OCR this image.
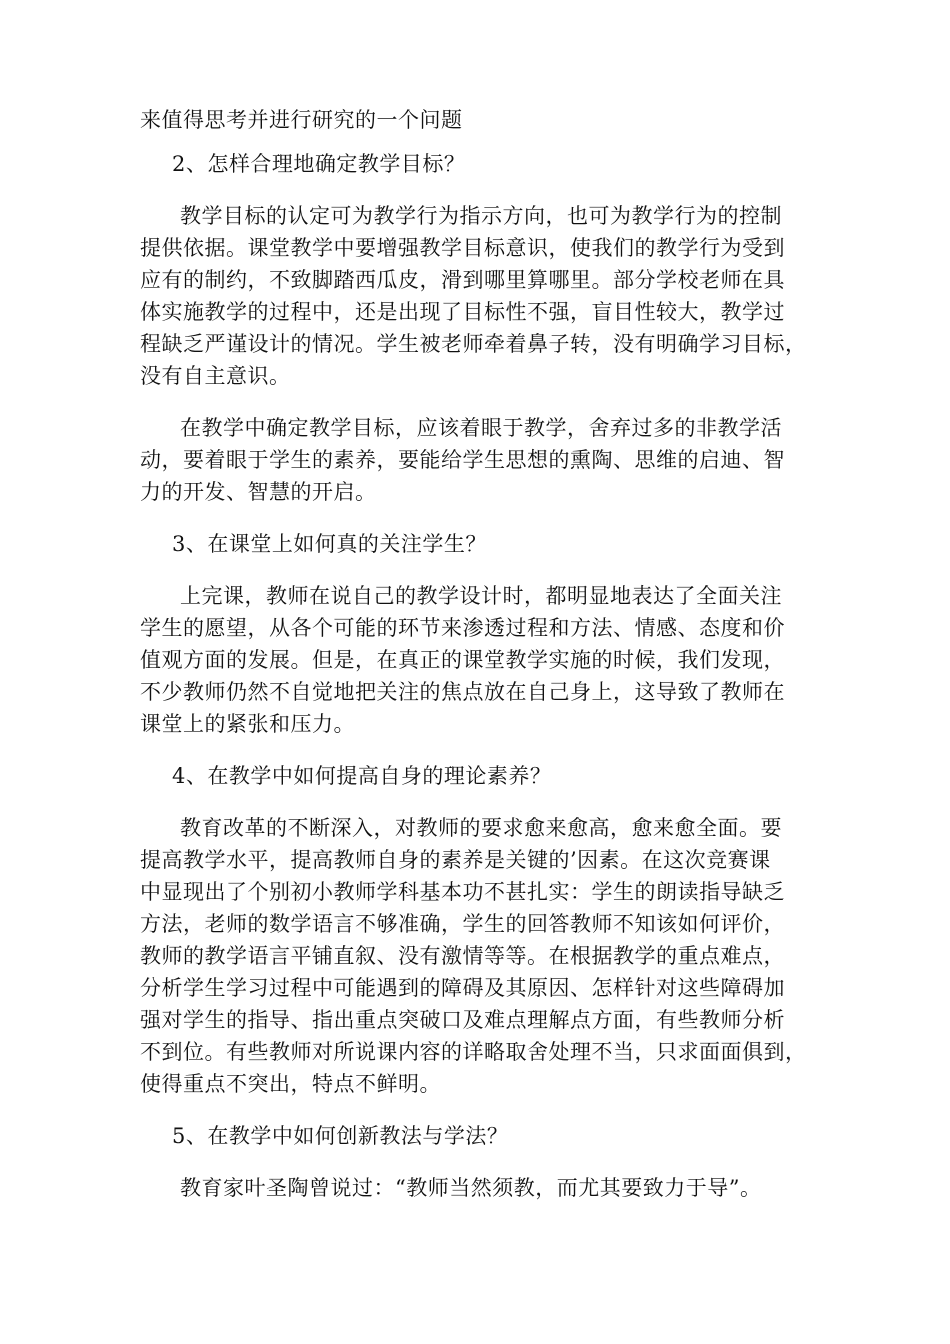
来值得思考并进行研究的一个问题

2、怎样合理地确定教学目标？

教学目标的认定可为教学行为指示方向，也可为教学行为的控制
提供依据。课堂教学中要增强教学目标意识，使我们的教学行为受到
应有的制约，不致脚踏西瓜皮，滑到哪里算哪里。部分学校老师在具
体实施教学的过程中，还是出现了目标性不强，盲目性较大，教学过
程缺乏严谨设计的情况。学生被老师牵着鼻子转，没有明确学习目标，
没有自主意识。

在教学中确定教学目标，应该着眼于教学，舍弃过多的非教学活
动，要着眼于学生的素养，要能给学生思想的熏陶、思维的启迪、智
力的开发、智慧的开启。

3、在课堂上如何真的关注学生？

上完课，教师在说自己的教学设计时，都明显地表达了全面关注
学生的愿望，从各个可能的环节来渗透过程和方法、情感、态度和价
值观方面的发展。但是，在真正的课堂教学实施的时候，我们发现，
不少教师仍然不自觉地把关注的焦点放在自己身上，这导致了教师在
课堂上的紧张和压力。

4、在教学中如何提高自身的理论素养？

教育改革的不断深入，对教师的要求愈来愈高，愈来愈全面。要
提高教学水平，提高教师自身的素养是关键的’因素。在这次竞赛课
中显现出了个别初小教师学科基本功不甚扎实：学生的朗读指导缺乏
方法，老师的数学语言不够准确，学生的回答教师不知该如何评价，
教师的教学语言平铺直叙、没有激情等等。在根据教学的重点难点，
分析学生学习过程中可能遇到的障碍及其原因、怎样针对这些障碍加
强对学生的指导、指出重点突破口及难点理解点方面，有些教师分析
不到位。有些教师对所说课内容的详略取舍处理不当，只求面面俱到，
使得重点不突出，特点不鲜明。

5、在教学中如何创新教法与学法？

教育家叶圣陶曾说过：“教师当然须教，而尤其要致力于导”。
